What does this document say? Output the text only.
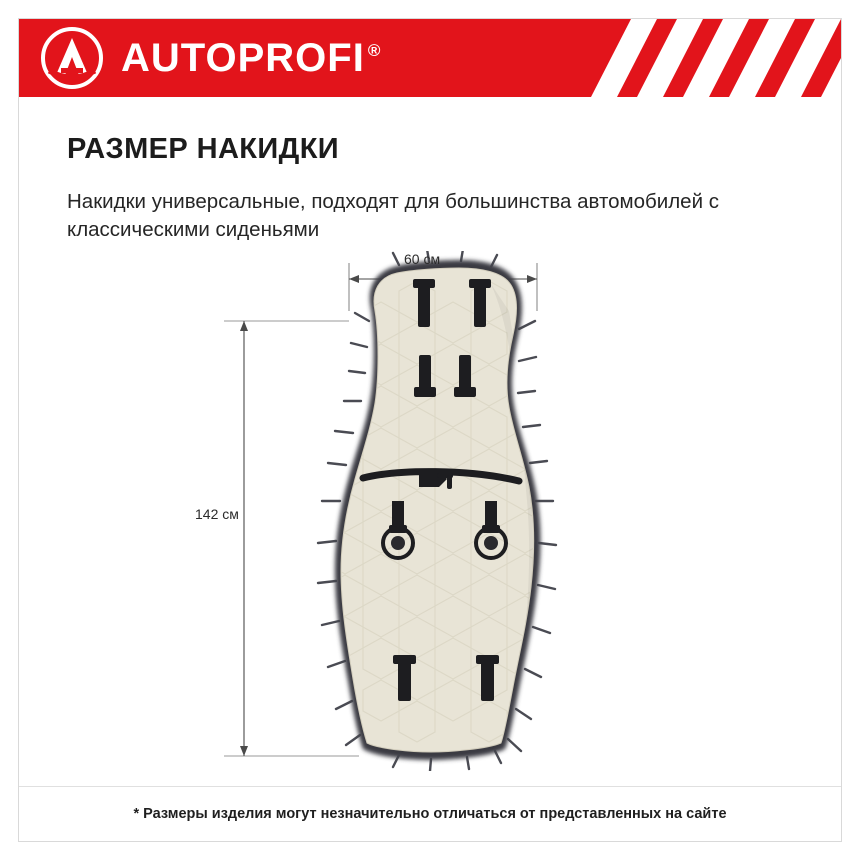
AUTOPROFI ®
РАЗМЕР НАКИДКИ

Накидки универсальные, подходят для большинства автомобилей с классическими сиденьями

60 см
142 см
* Размеры изделия могут незначительно отличаться от представленных на сайте
